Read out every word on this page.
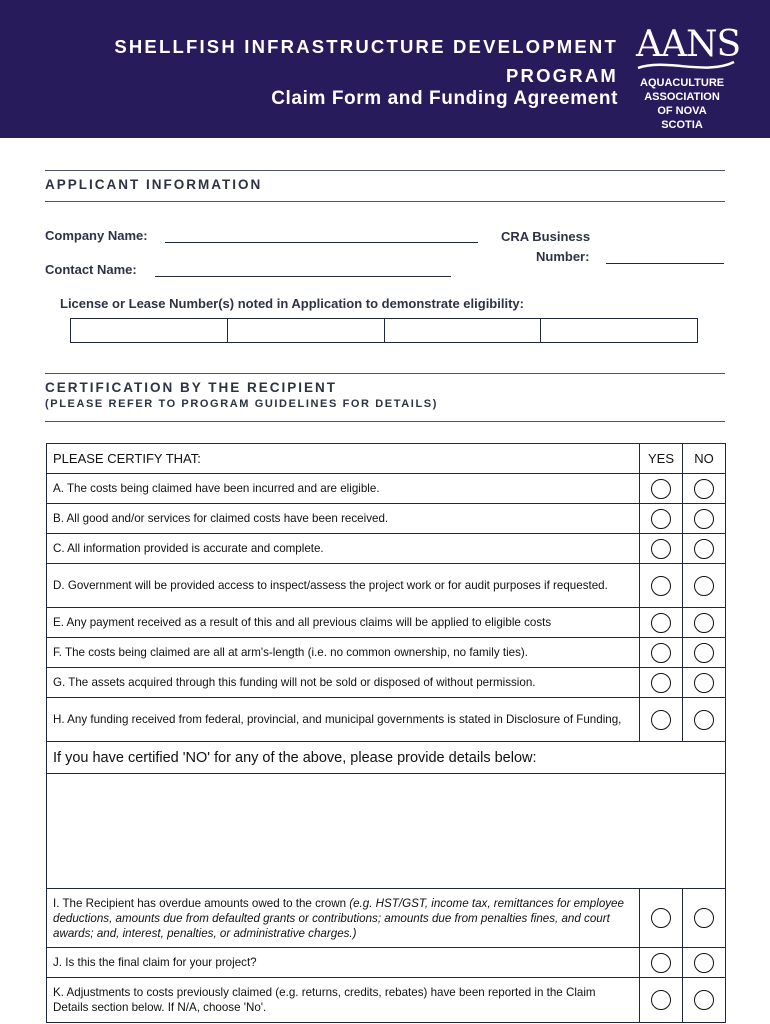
SHELLFISH INFRASTRUCTURE DEVELOPMENT PROGRAM
Claim Form and Funding Agreement
AANS
AQUACULTURE ASSOCIATION OF NOVA SCOTIA
APPLICANT INFORMATION
Company Name:	CRA Business
Number:
Contact Name:
License or Lease Number(s) noted in Application to demonstrate eligibility:
CERTIFICATION BY THE RECIPIENT
(PLEASE REFER TO PROGRAM GUIDELINES FOR DETAILS)
PLEASE CERTIFY THAT:	YES	NO
A. The costs being claimed have been incurred and are eligible.
B. All good and/or services for claimed costs have been received.
C. All information provided is accurate and complete.
D. Government will be provided access to inspect/assess the project work or for audit purposes if requested.
E. Any payment received as a result of this and all previous claims will be applied to eligible costs
F. The costs being claimed are all at arm's-length (i.e. no common ownership, no family ties).
G. The assets acquired through this funding will not be sold or disposed of without permission.
H. Any funding received from federal, provincial, and municipal governments is stated in Disclosure of Funding,
If you have certified 'NO' for any of the above, please provide details below:
I. The Recipient has overdue amounts owed to the crown (e.g. HST/GST, income tax, remittances for employee deductions, amounts due from defaulted grants or contributions; amounts due from penalties fines, and court awards; and, interest, penalties, or administrative charges.)
J. Is this the final claim for your project?
K. Adjustments to costs previously claimed (e.g. returns, credits, rebates) have been reported in the Claim Details section below. If N/A, choose 'No'.
